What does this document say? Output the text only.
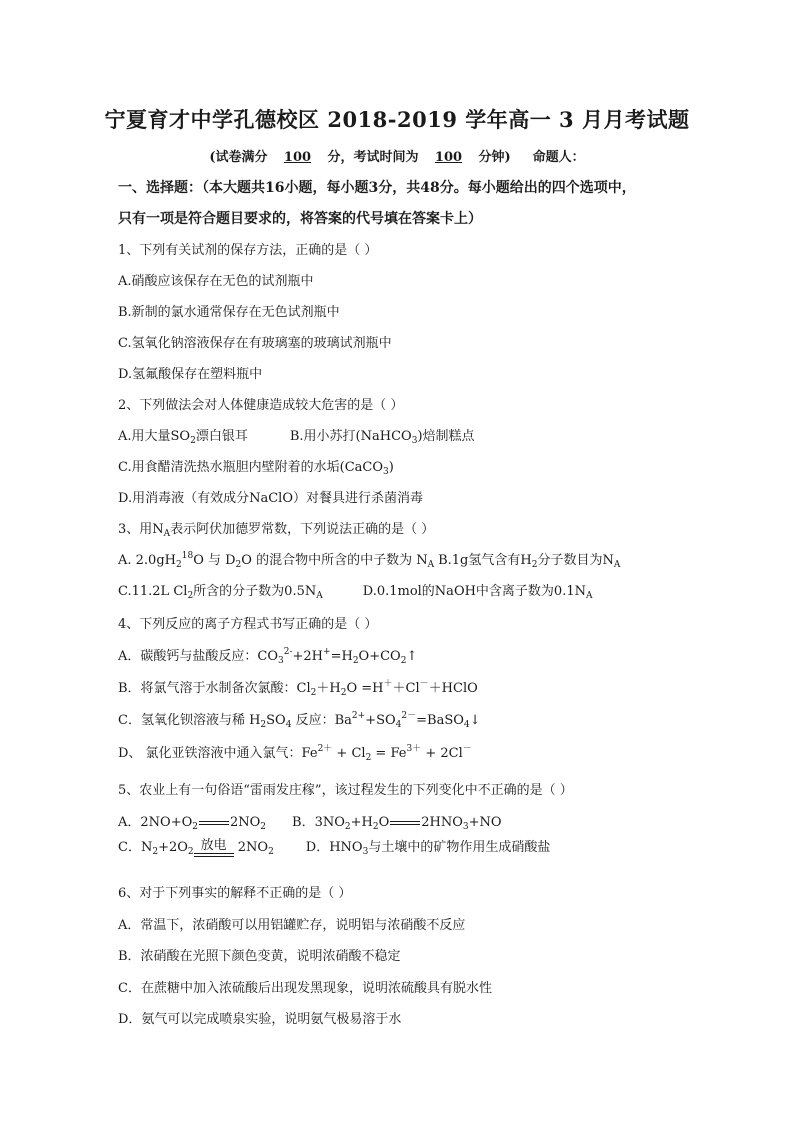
宁夏育才中学孔德校区 2018-2019 学年高一 3 月月考试题
(试卷满分 100 分，考试时间为 100 分钟) 命题人：
一、选择题：（本大题共16小题，每小题3分，共48分。每小题给出的四个选项中，
只有一项是符合题目要求的，将答案的代号填在答案卡上）
1、下列有关试剂的保存方法，正确的是（ ）
A.硝酸应该保存在无色的试剂瓶中
B.新制的氯水通常保存在无色试剂瓶中
C.氢氧化钠溶液保存在有玻璃塞的玻璃试剂瓶中
D.氢氟酸保存在塑料瓶中
2、下列做法会对人体健康造成较大危害的是（ ）
A.用大量$SO_2$漂白银耳	B.用小苏打(NaHCO$_3$)焙制糕点
C.用食醋清洗热水瓶胆内壁附着的水垢(CaCO$_3$)
D.用消毒液（有效成分NaClO）对餐具进行杀菌消毒
3、用$N_A$表示阿伏加德罗常数，下列说法正确的是（ ）
A. $2.0gH_2^{18}O$ 与 $D_2O$ 的混合物中所含的中子数为 $N_A$ B.1g氢气含有$H_2$分子数目为$N_A$
C.11.2L $Cl_2$所含的分子数为$0.5N_A$	D.0.1mol的NaOH中含离子数为$0.1N_A$
4、下列反应的离子方程式书写正确的是（ ）
A．碳酸钙与盐酸反应：$CO_3^{2-}+2H^+=H_2O+CO_2↑$
B．将氯气溶于水制备次氯酸：$Cl_2+H_2O$ =H＋＋Cl－＋HClO
C．氢氧化钡溶液与稀 $H_2SO_4$ 反应：$Ba^{2+}+SO_4^{2-}=BaSO_4↓$
D、 氯化亚铁溶液中通入氯气：$Fe^{2+} + Cl_2 = Fe^{3+} + 2Cl^-$
5、农业上有一句俗语“雷雨发庄稼”，该过程发生的下列变化中不正确的是（ ）
A．$2NO+O_2$ $2NO_2$ B．$3NO_2+H_2O$ $2HNO_3+NO$
C．$N_2+2O_2$ 放电 $2NO_2$ D．$HNO_3$与土壤中的矿物作用生成硝酸盐
6、对于下列事实的解释不正确的是（ ）
A．常温下，浓硝酸可以用铝罐贮存，说明铝与浓硝酸不反应
B．浓硝酸在光照下颜色变黄，说明浓硝酸不稳定
C．在蔗糖中加入浓硫酸后出现发黑现象，说明浓硫酸具有脱水性
D．氨气可以完成喷泉实验，说明氨气极易溶于水
